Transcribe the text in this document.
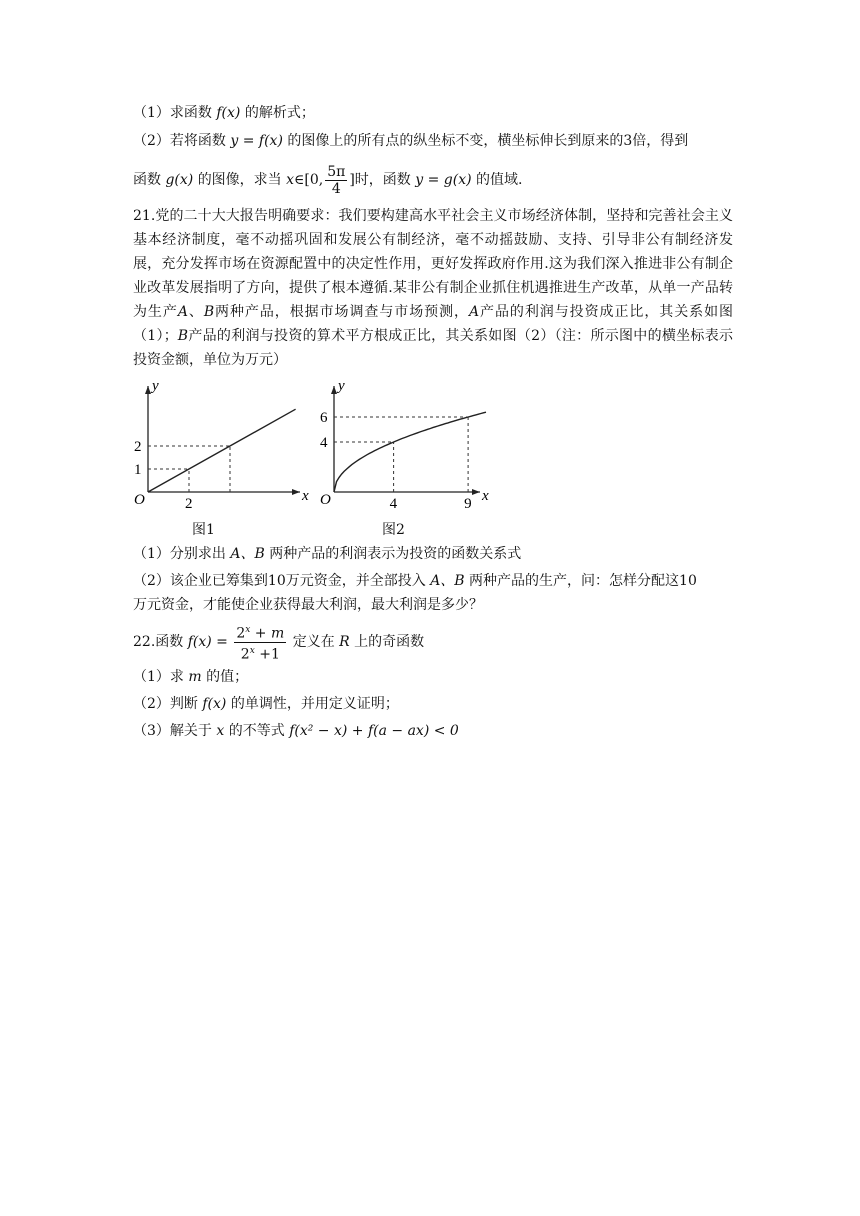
（1）求函数 f(x) 的解析式；
（2）若将函数 y = f(x) 的图像上的所有点的纵坐标不变，横坐标伸长到原来的3倍，得到
函数 g(x) 的图像，求当 x∈[0, $\frac{5\pi}{4}$ ]时，函数 y = g(x) 的值域.
21.党的二十大大报告明确要求：我们要构建高水平社会主义市场经济体制，坚持和完善社会主义基本经济制度，毫不动摇巩固和发展公有制经济，毫不动摇鼓励、支持、引导非公有制经济发展，充分发挥市场在资源配置中的决定性作用，更好发挥政府作用.这为我们深入推进非公有制企业改革发展指明了方向，提供了根本遵循.某非公有制企业抓住机遇推进生产改革，从单一产品转为生产A、B两种产品，根据市场调查与市场预测，A产品的利润与投资成正比，其关系如图（1）；B产品的利润与投资的算术平方根成正比，其关系如图（2）（注：所示图中的横坐标表示投资金额，单位为万元）
x
y
O	2
1
2
图1
x
y
O	4	9
4
6
图2
（1）分别求出 A、B 两种产品的利润表示为投资的函数关系式
（2）该企业已筹集到10万元资金，并全部投入 A、B 两种产品的生产，问：怎样分配这10
万元资金，才能使企业获得最大利润，最大利润是多少？
22.函数 $f(x) = \frac{2^x + m}{2^x +1}$ 定义在 R 上的奇函数
（1）求 m 的值；
（2）判断 f(x) 的单调性，并用定义证明；
（3）解关于 x 的不等式 f(x² − x) + f(a − ax) < 0
